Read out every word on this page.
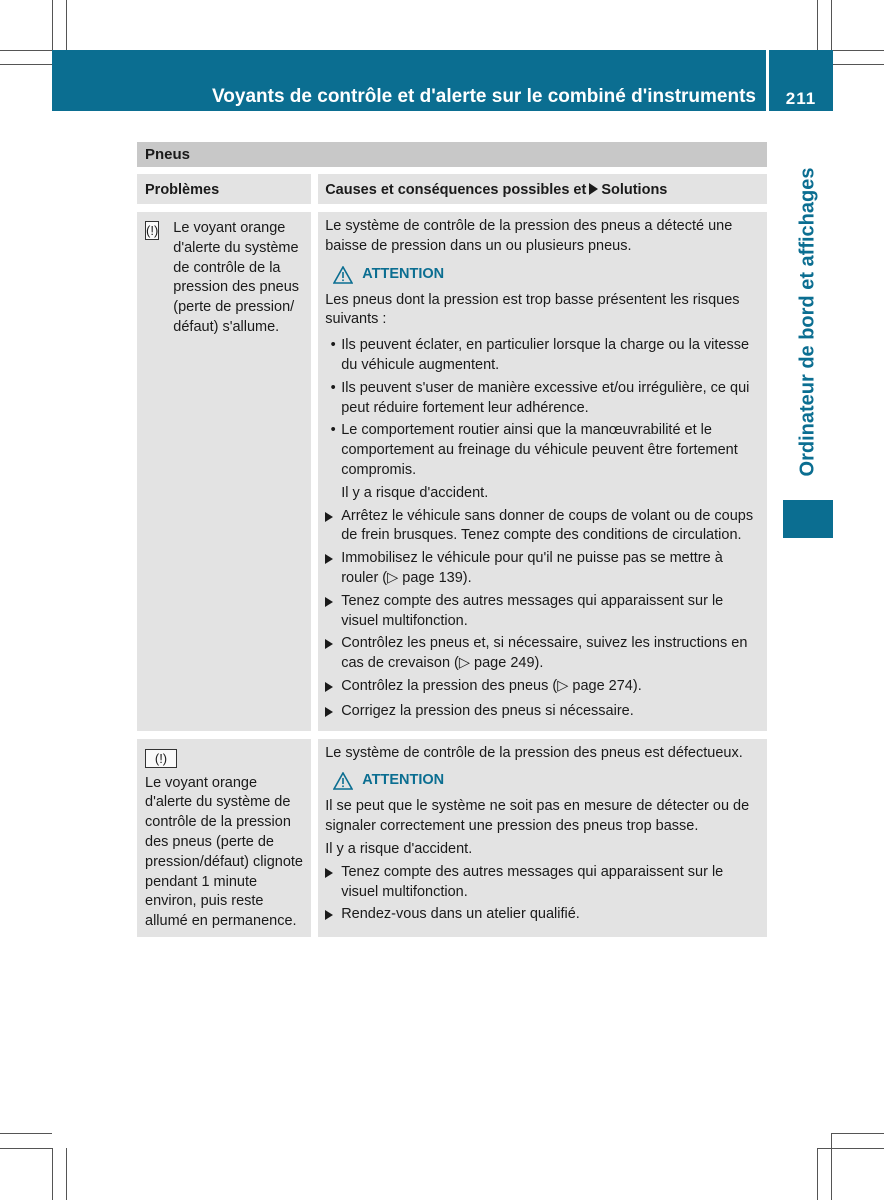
Voyants de contrôle et d'alerte sur le combiné d'instruments	211
Ordinateur de bord et affichages
Pneus
Problèmes	Causes et conséquences possibles et Solutions
(!) Le voyant orange d'alerte du système de contrôle de la pression des pneus (perte de pression/ défaut) s'allume.

Le système de contrôle de la pression des pneus a détecté une baisse de pression dans un ou plusieurs pneus.

ATTENTION

Les pneus dont la pression est trop basse présentent les risques suivants :

• Ils peuvent éclater, en particulier lorsque la charge ou la vitesse du véhicule augmentent.
• Ils peuvent s'user de manière excessive et/ou irrégulière, ce qui peut réduire fortement leur adhérence.
• Le comportement routier ainsi que la manœuvrabilité et le comportement au freinage du véhicule peuvent être fortement compromis.

Il y a risque d'accident.

Arrêtez le véhicule sans donner de coups de volant ou de coups de frein brusques. Tenez compte des conditions de circulation.
Immobilisez le véhicule pour qu'il ne puisse pas se mettre à rouler (▷ page 139).
Tenez compte des autres messages qui apparaissent sur le visuel multifonction.
Contrôlez les pneus et, si nécessaire, suivez les instructions en cas de crevaison (▷ page 249).
Contrôlez la pression des pneus (▷ page 274).
Corrigez la pression des pneus si nécessaire.
(!)
Le voyant orange d'alerte du système de contrôle de la pression des pneus (perte de pression/défaut) clignote pendant 1 minute environ, puis reste allumé en permanence.

Le système de contrôle de la pression des pneus est défectueux.

ATTENTION

Il se peut que le système ne soit pas en mesure de détecter ou de signaler correctement une pression des pneus trop basse.

Il y a risque d'accident.

Tenez compte des autres messages qui apparaissent sur le visuel multifonction.
Rendez-vous dans un atelier qualifié.
